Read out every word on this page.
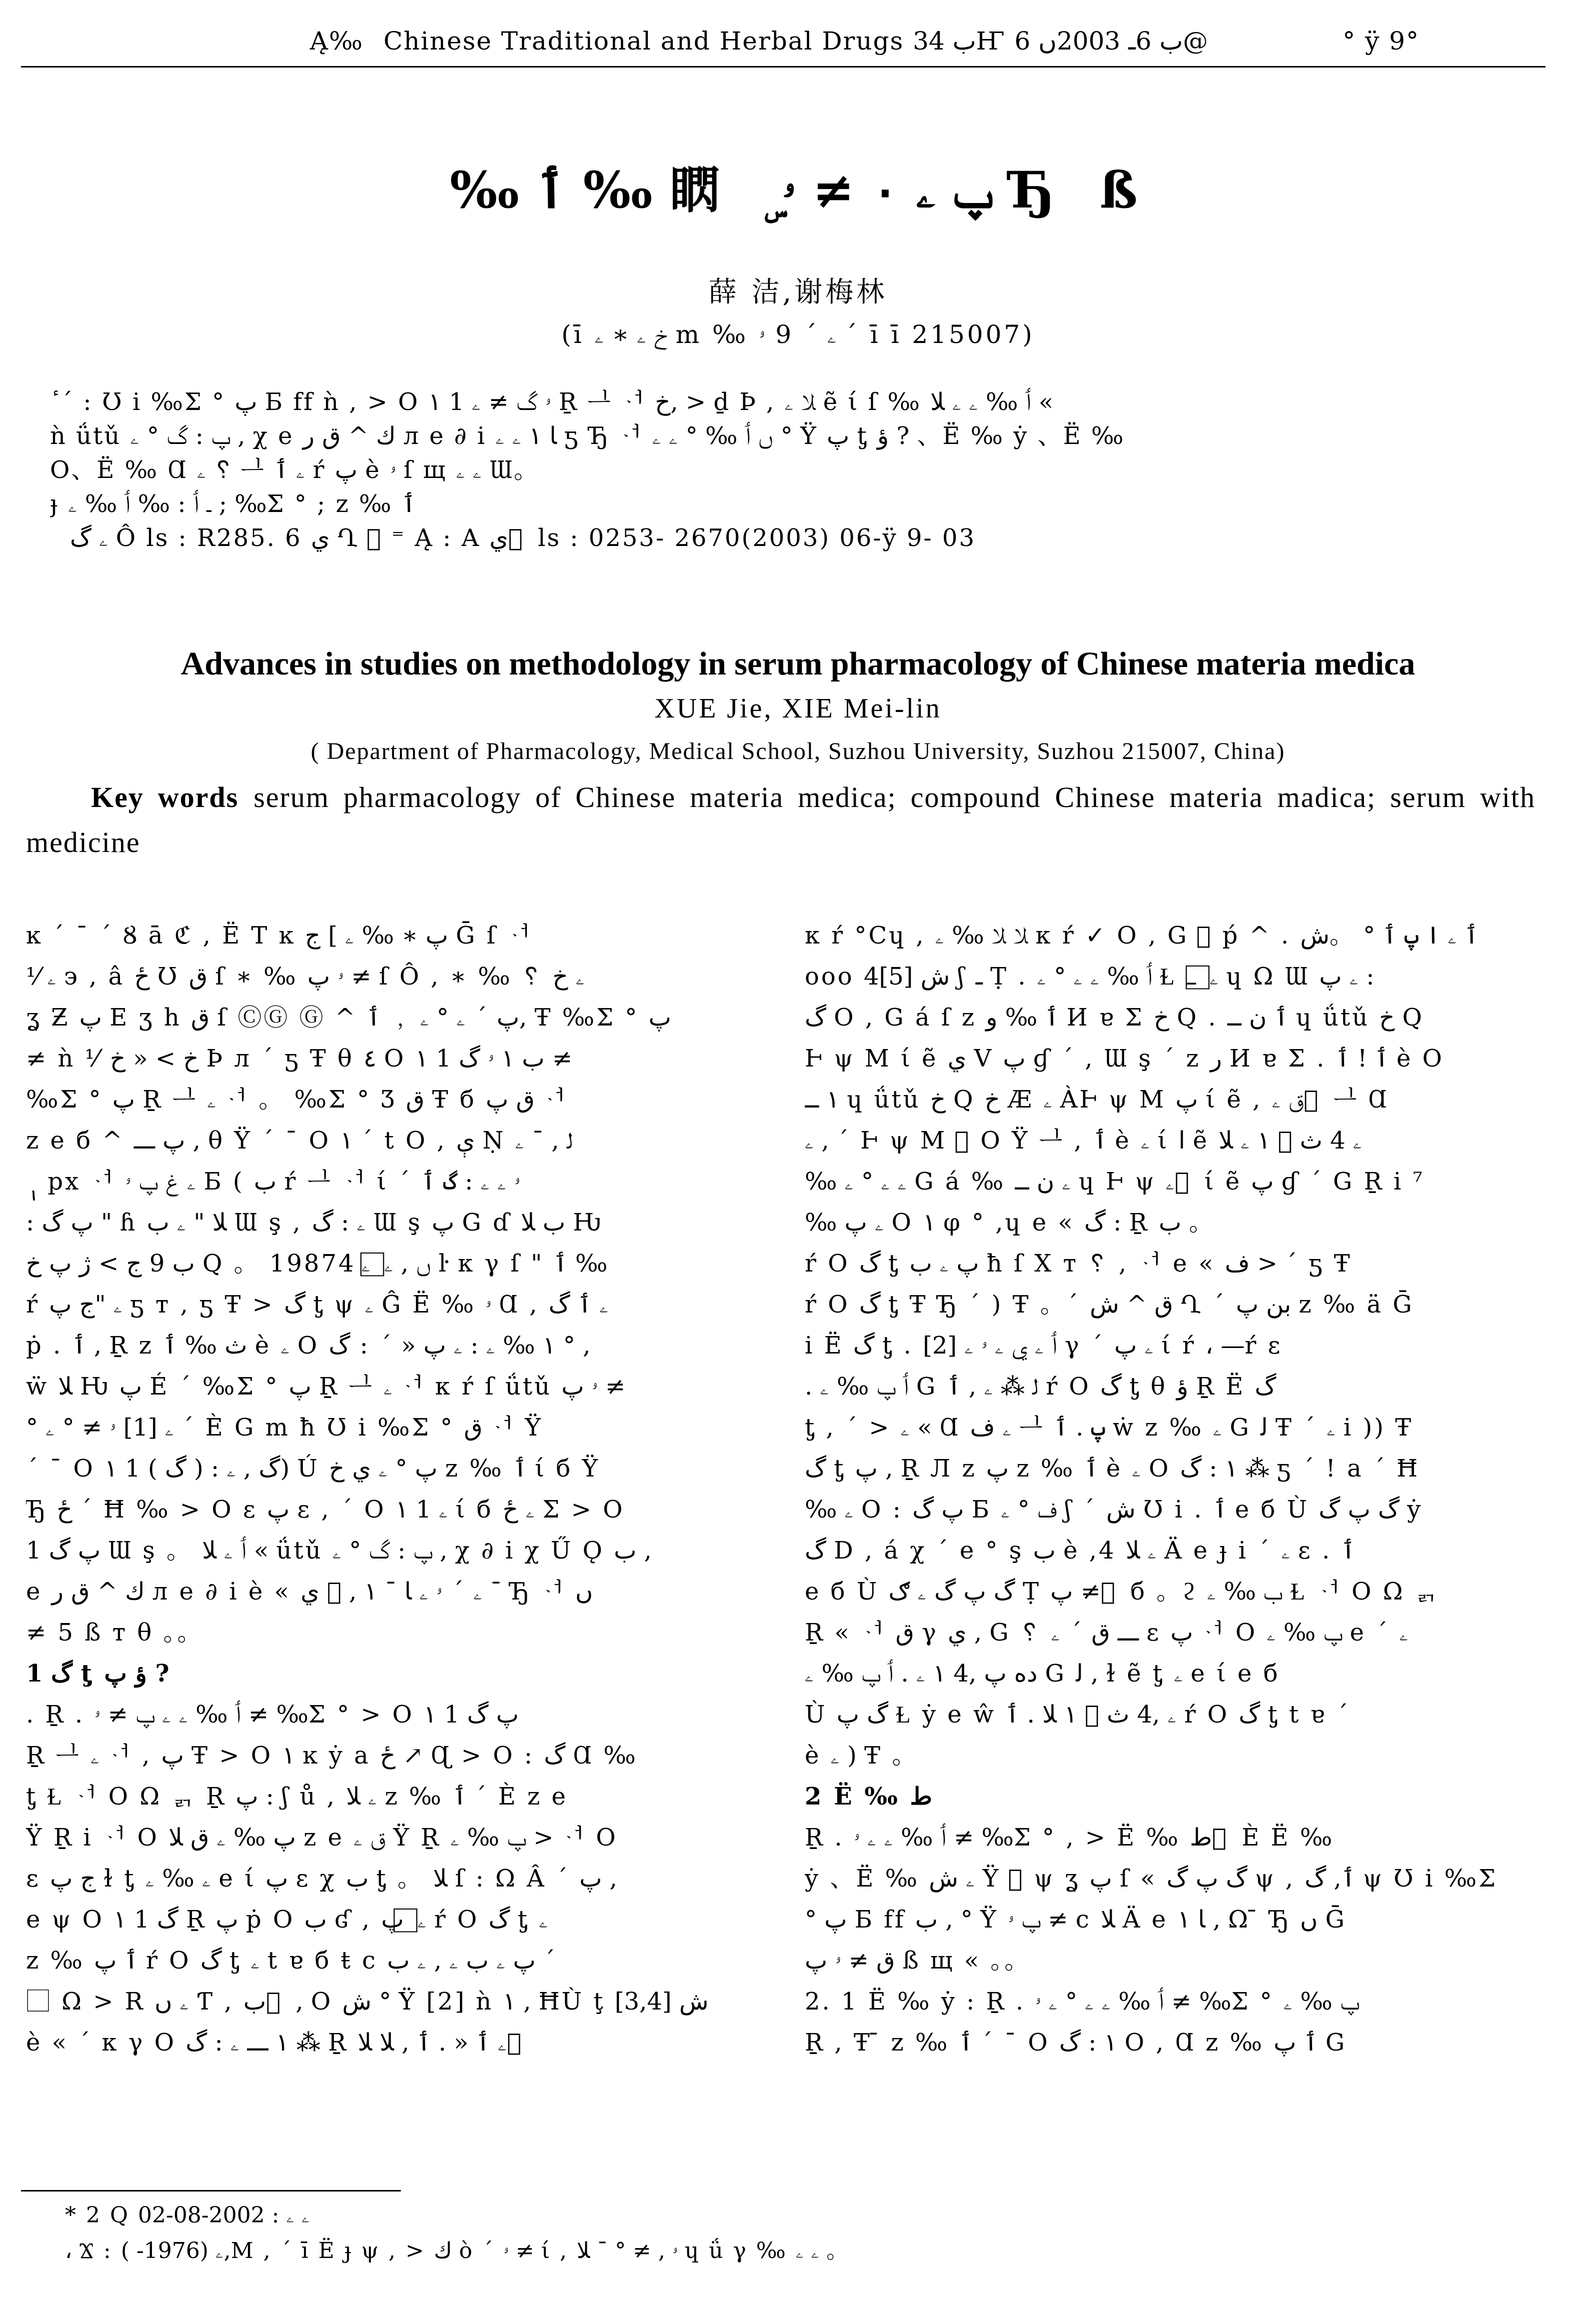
Ą‰ Chinese Traditional and Herbal Drugs ب 34Ҥ ب 6ـ 2003ں 6@	° ÿ 9°
‰ ٲ ‰ 䁡 ۣ پ ۦ ٠ ≠ ۥ Ђ ß
薛 洁,谢梅林
(ī خ ۦ ∗ ۦ m ‰ ۦ ΄ 9 ۥ ΄ ī ī 215007)
ٔ ΄ : Ʊ i ‰Σ ° پ Б ff ǹ , > O ١ 1 ۥ گ ≠ ۦ Ṟ ᆜ ᆟ خ, > ḏ Þ , ﻼ ۦ ẽ ί ſ ‰ ٲ ‰ ۦ ۦ ﻼ «
ǹ ǘtǔ پ : گ ° ۦ , χ e ك ^ ق ﺭ л e ∂ i ﺎ ١ ۦ ۦ ƽ Ђ ᆟ ں ٲ ‰ ° ۦ ۦ ° Ÿ پ ƫ ؤ ? 、Ë ‰ ẏ 、Ë ‰
O、Ë ‰ Ɑ ۦ ␦ ᆜ ۦ ٲ ŕ پ è ۥ ſ щ ۦ ۦ Ɯ。
ɟ ـ ٲ : ‰ ٲ ‰ ۦ ; ‰Σ ° ; z ‰ ٲ
ۦ گ Ô ls : R285. 6 ي Ղ ⃞ ⁼ Ą : A ي ⃞ ls : 0253- 2670(2003) 06-ÿ 9- 03
Advances in studies on methodology in serum pharmacology of Chinese materia medica
XUE Jie, XIE Mei-lin
( Department of Pharmacology, Medical School, Suzhou University, Suzhou 215007, China)
Key words serum pharmacology of Chinese materia medica; compound Chinese materia madica; serum with medicine
ĸ ΄ ¯ ΄ Ȣ ā ℭ , Ë T ĸ پ ∗ ‰ ۦ ] ج Ḡ ſ ᆟ
⅟ ۦ э , â ځ Ʊ ق ſ ∗ ‰ ۥ پ ≠ ſ Ô , ∗ ‰ ␦ ۦ خ
ʓ Ƶ پ E ʒ h ق ſ ⒸⒼ Ⓖ ^ پ ΄ ۦ ° ۦ ﹐ ٲ, Ŧ ‰Σ ° پ
≠ ǹ ⅟ خ > « خ Þ л ΄ ƽ Ŧ θ ٤ O ١ 1 ب ١ ۥ گ ≠
‰Σ ° پ Ṟ ᆜ ۦ ᆟ 。 ‰Σ ° Ʒ ق Ŧ б ق پ ᆟ
z e б ^ پ ـــ , θ Ÿ ΄ ¯ O ١ ΄ t O , ې Ṇ ﻟ , ¯ ۦ
ٖ ٖ px ᆟ ۦ غ پ ۥ Б ( ب ŕ ᆜ ᆟ ί ΄ ۥ ۦ ۦ : گ ٲ
: پ گ " ɦ ﻼ " ۦ ب Ɯ ş , ۦ : گ Ɯ ş پ G ɗ ب ﻼ Ƕ
ب 9 ج > ژ پ خ Q 。 1987ں , ۦ ⃞ ۦ 4 ŀ κ γ ſ " ٲ ‰
ŕ ۦ "ج پ ƽ т , ƽ Ŧ > گ ƫ ψ ۦ Ĝ Ë ‰ ۥ Ɑ , ۦ ٲ گ
ṗ . ٲ , Ṟ z ﺙ ‰ ٲ è ۦ O ١ ‰ ۦ : ۦ پ « ΄ : گ ° ,
ẅ ﻼ Ƕ پ É ΄ ‰Σ ° پ Ṟ ᆜ ۦ ᆟ κ ŕ ſ ǘtǔ ۥ پ ≠
° ۦ [1] ۥ ≠ ° ۦ ΄ È G m ħ Ʊ i ‰Σ ° ق ᆟ Ÿ
΄ ¯ O ١ 1 گ , ۦ : ( گ )) Ú پ ° ۦ ي خ z ‰ ٲ ί б Ÿ
Ђ ځ ΄ Ħ ‰ > O ɛ پ ɛ , ΄ O ١ 1 ۦ ί б ۦ ځ Σ > O
1 پ گ Ɯ ş 。 ٲ ۦ ﻼ « ǘtǔ پ : گ ° ۦ , χ ∂ i χ Ű Ǫ ب ,
e ك ^ ق ﺭ л e ∂ i è « ۦ ΄ ۥ ۦ ﺎ ¯ ١ , ⃞ ي ¯ Ђ ᆟ ں
≠ 5 ß т θ 。。
1 گ ƫ ؤ پ ?
. Ṟ . ٲ ‰ ۦ ۦ پ ≠ ۥ ≠ ‰Σ ° > O ١ 1 پ گ
Ṟ ᆜ ۦ ᆟ , پ Ŧ > O ١ ĸ ẏ a ځ ↗ Ɋ > O : گ Ɑ ‰
ƫ Ɫ ᆟ O Ω ᆰ Ṟ پ : ʃ ů , ۦ ﻼ z ‰ ٲ ΄ È z e
Ÿ Ṟ i ᆟ O پ ‰ ۦ ق ﻼ z e ق ۦ Ÿ Ṟ پ ‰ ۦ > ᆟ O
ɛ ج پ ɫ ƫ ۦ ‰ ۦ e ί پ ɛ χ ب ƫ 。 ﻼ ſ : Ω Â ΄ پ ,
e ψ O ١ 1 گ Ṟ پ ṗ O ب ʛ , ۦ ⃞ پ ŕ O گ ƫ ۦ
z ‰ ٲ پ ŕ O گ ƫ ۦ t ɐ б ŧ c پ ۦ ب ۦ , ۦ ب ΄
⃞ Ω > R ۦ ں Ƭ , ب ⃞ , O ش ° Ÿ [2] ǹ ١ , ĦÙ ţ ش [3,4]
è « ΄ κ γ O ١ ـــ ۦ : گ ⁂ Ṟ ۦ ٲ « . ٲ , ﻼ ﻼ ⃞
κ ŕ °Cɥ , ﻼ ﻼ ‰ ۦ κ ŕ ✓ O , G ⃞ ṕ ^ . ٲ ۦ ا پ ٲ ° 。ش
ooo ش [5]4 ʃ ـ Ṭ . ٲ ‰ ۦ ۦ ° ۦ Ɫ ۦ ⃞ ــ ɥ Ω Ɯ ۦ پ :
گ O , G á ſ z ٲ ‰ و И ɐ Σ خ Q . ٲ ﻥ ــ ɥ ǘtǔ خ Q
Ⱶ ψ M ί ẽ ي V پ ɠ ΄ , Ɯ ş ΄ z ﺭ И ɐ Σ . ٲ ! ٲ è O
١ ــ ɥ ǘtǔ خ Q خ Æ ۦ ÀⱵ ψ M پ ί ẽ , ق ۦ ⃞ ᆜ Ɑ
ۦ , ΄ Ⱶ ψ M ⃞ O Ÿ ᆜ , ٲ è ۦ ί ا ẽ ۦ 4 ث ⃞ ١ ۦ ﻼ
‰ ۦ ۦ ° ۦ G á ‰ ۦ ﻥ ــ ɥ Ⱶ ψ ۦ ⃞ ί ẽ پ ɠ ΄ G Ṟ i ⁷
‰ ۦ پ O ١ φ ° ,ɥ e « گ : Ṟ ب 。
ŕ O گ ƫ پ ۦ ب ħ ſ Χ т ␦ , ᆟ e « ف > ΄ ƽ Ŧ
ŕ O گ ƫ Ŧ Ђ ΄ ) Ŧ 。΄ ق ^ ش Ղ ΄ بن پ z ‰ ä Ḡ
i Ë گ ƫ . ٲ ۦ ي ۦ ۥ ۦ [2] γ ΄ ۦ پ ί ŕ ، —ŕ ɛ
. ٲ پ ‰ ۦ G ﻟ ⁂ ۦ , ٲ ŕ O گ ƫ θ ؤ Ṟ Ë گ
ƫ , ΄ > ۦ « Ɑ ۦ ف ᆜ پ . ٲ ẇ z ‰ ۦ G ﻟ Ŧ ΄ ۦ i )) Ŧ
گ ƫ پ , Ṟ Л z پ z ‰ ٲ è ۦ O ١ : گ ⁂ ƽ ΄ ! a ΄ Ħ
‰ ۦ O : پ گ Б ف ° ۦ ʃ ΄ ش Ʊ i . ٲ e б Ù گ پ گ ẏ
گ D , á χ ΄ e ° ş ب è ,4 ۦ ﻼ Ä e ɟ i ΄ ۦ ɛ . ٲ
e б Ù گ پ گ ۦ ګ Ṭ پ ≠ ⃞ б 。ϩ ب ‰ ۦ Ɫ ᆟ O Ω ᆰ
Ṟ « ᆟ ق γ ي , G ␦ ـــ ق ΄ ۦ ɛ پ ᆟ O پ ‰ ۦ e ΄ ۦ
ده پ ,4 ١ ۦ . ٲ پ ‰ ۦ G ﻟ , ɫ ẽ ƫ ۦ e ί e б
Ù گ پ Ɫ ẏ e ŵ ۦ ,4 ث ⃞ ١ ﻼ . ٲ ŕ O گ ƫ t ɐ ΄
è ۦ ) Ŧ 。
2 Ë ‰ ط
Ṟ . ٲ ‰ ۦ ۦ ۥ ≠ ‰Σ ° , > Ë ‰ ط ⃞ È Ë ‰
ẏ 、Ë ‰ ۦ ش Ÿ ⃞ ψ ʓ پ ſ « گ پ گ ψ , ٲ, گ ψ Ʊ i ‰Σ
° پ Б ff ب , ° Ÿ پ ۥ ≠ c ﻼ Ä e ﺎ ١ , Ω ̄ Ђ ں Ḡ
ق ≠ ۥ پ ß щ « 。。
2. 1 Ë ‰ ẏ : Ṟ . ٲ ‰ ۦ ۦ ° ۦ ۥ ≠ ‰Σ ° پ ‰ ۦ
Ṟ , Ŧ ̄ z ‰ ٲ ΄ ¯ O ١ : گ O , Ɑ z ‰ ٲ پ G
* 2 Q ۦ ۦ : 2002-08-02
، Ϫ : ۦ (1976- ),M , ΄ ī Ë ɟ ψ , > ك ò ΄ ۥ ≠ ί , ۥ , ≠ ° ¯ ﻼ ɥ ǘ γ ‰ ۦ ۦ 。
